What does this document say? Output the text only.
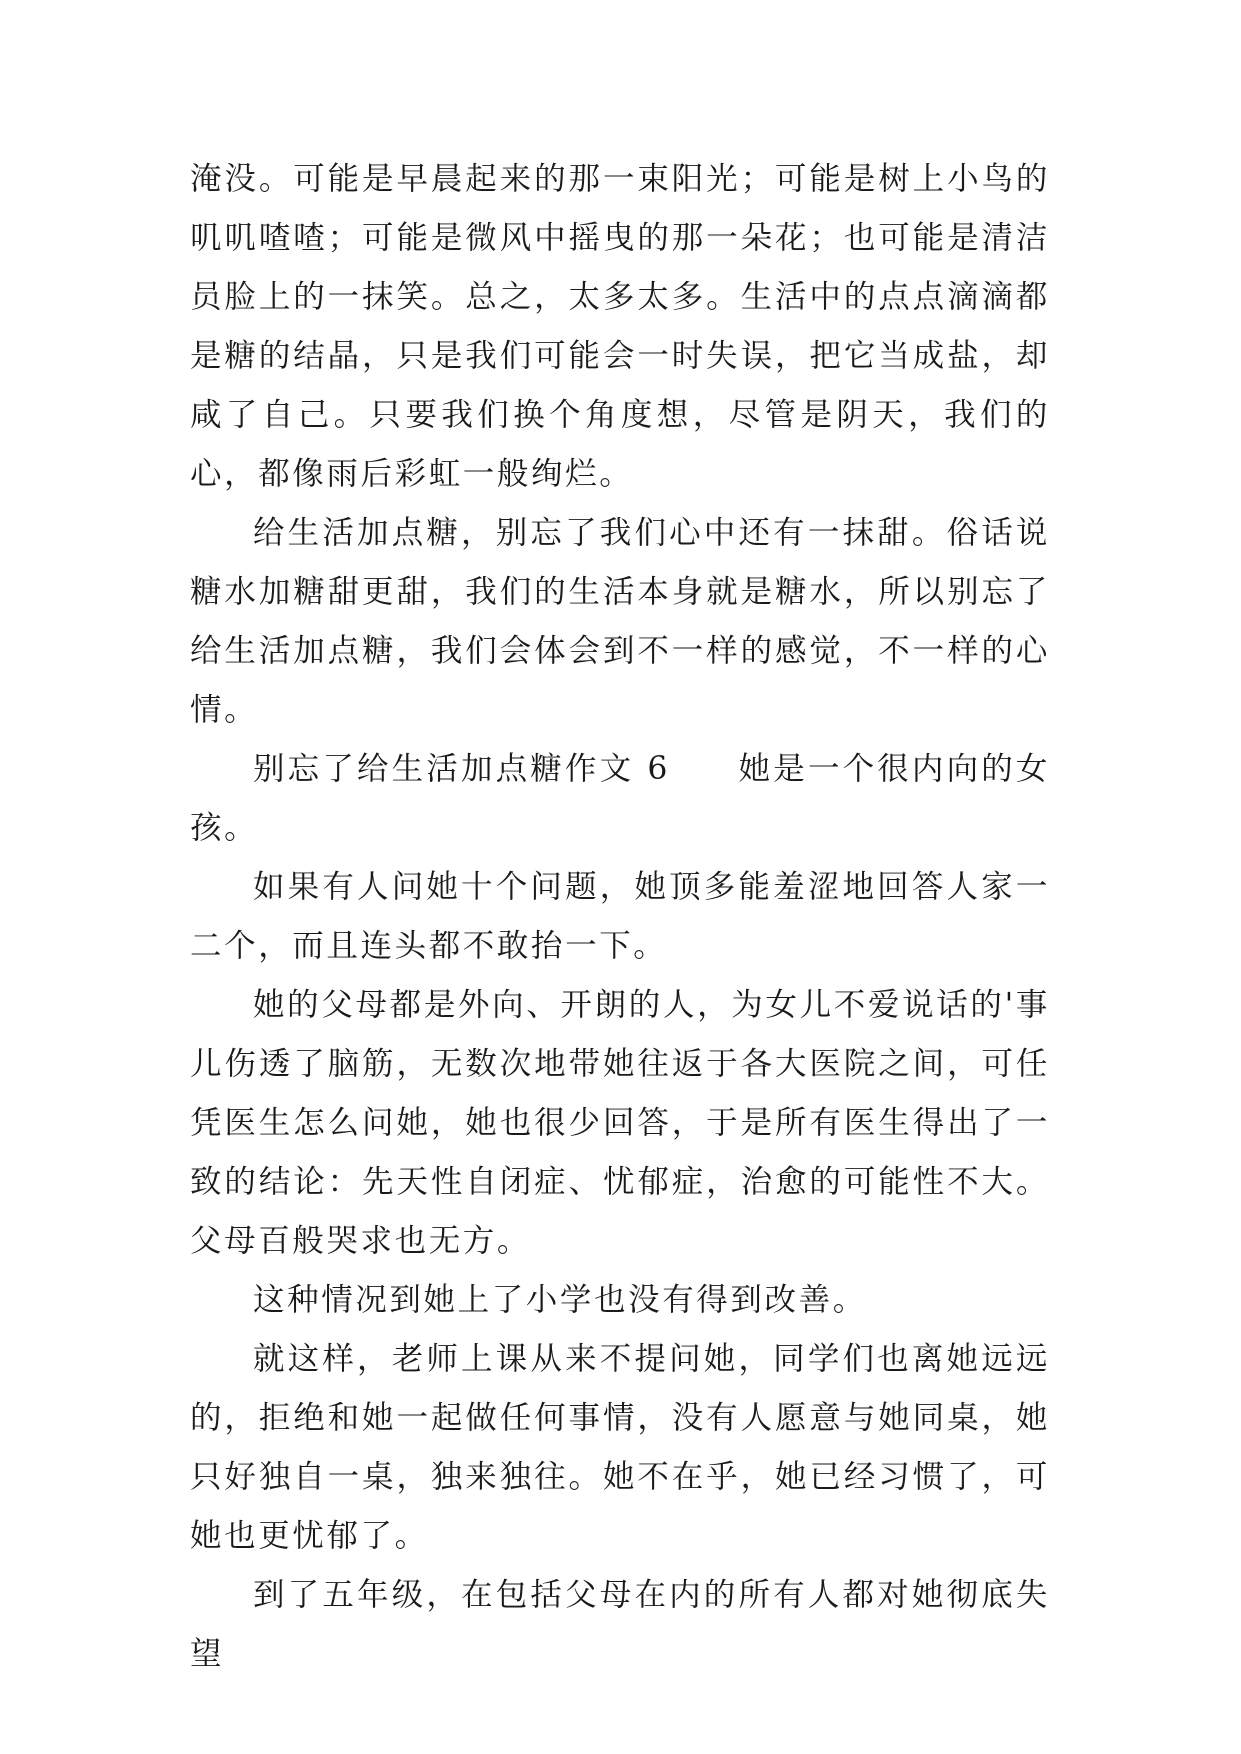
淹没。可能是早晨起来的那一束阳光；可能是树上小鸟的叽叽喳喳；可能是微风中摇曳的那一朵花；也可能是清洁员脸上的一抹笑。总之，太多太多。生活中的点点滴滴都是糖的结晶，只是我们可能会一时失误，把它当成盐，却咸了自己。只要我们换个角度想，尽管是阴天，我们的心，都像雨后彩虹一般绚烂。

给生活加点糖，别忘了我们心中还有一抹甜。俗话说糖水加糖甜更甜，我们的生活本身就是糖水，所以别忘了给生活加点糖，我们会体会到不一样的感觉，不一样的心情。

别忘了给生活加点糖作文 6 她是一个很内向的女孩。

如果有人问她十个问题，她顶多能羞涩地回答人家一二个，而且连头都不敢抬一下。

她的父母都是外向、开朗的人，为女儿不爱说话的'事儿伤透了脑筋，无数次地带她往返于各大医院之间，可任凭医生怎么问她，她也很少回答，于是所有医生得出了一致的结论：先天性自闭症、忧郁症，治愈的可能性不大。父母百般哭求也无方。

这种情况到她上了小学也没有得到改善。

就这样，老师上课从来不提问她，同学们也离她远远的，拒绝和她一起做任何事情，没有人愿意与她同桌，她只好独自一桌，独来独往。她不在乎，她已经习惯了，可她也更忧郁了。

到了五年级，在包括父母在内的所有人都对她彻底失望
